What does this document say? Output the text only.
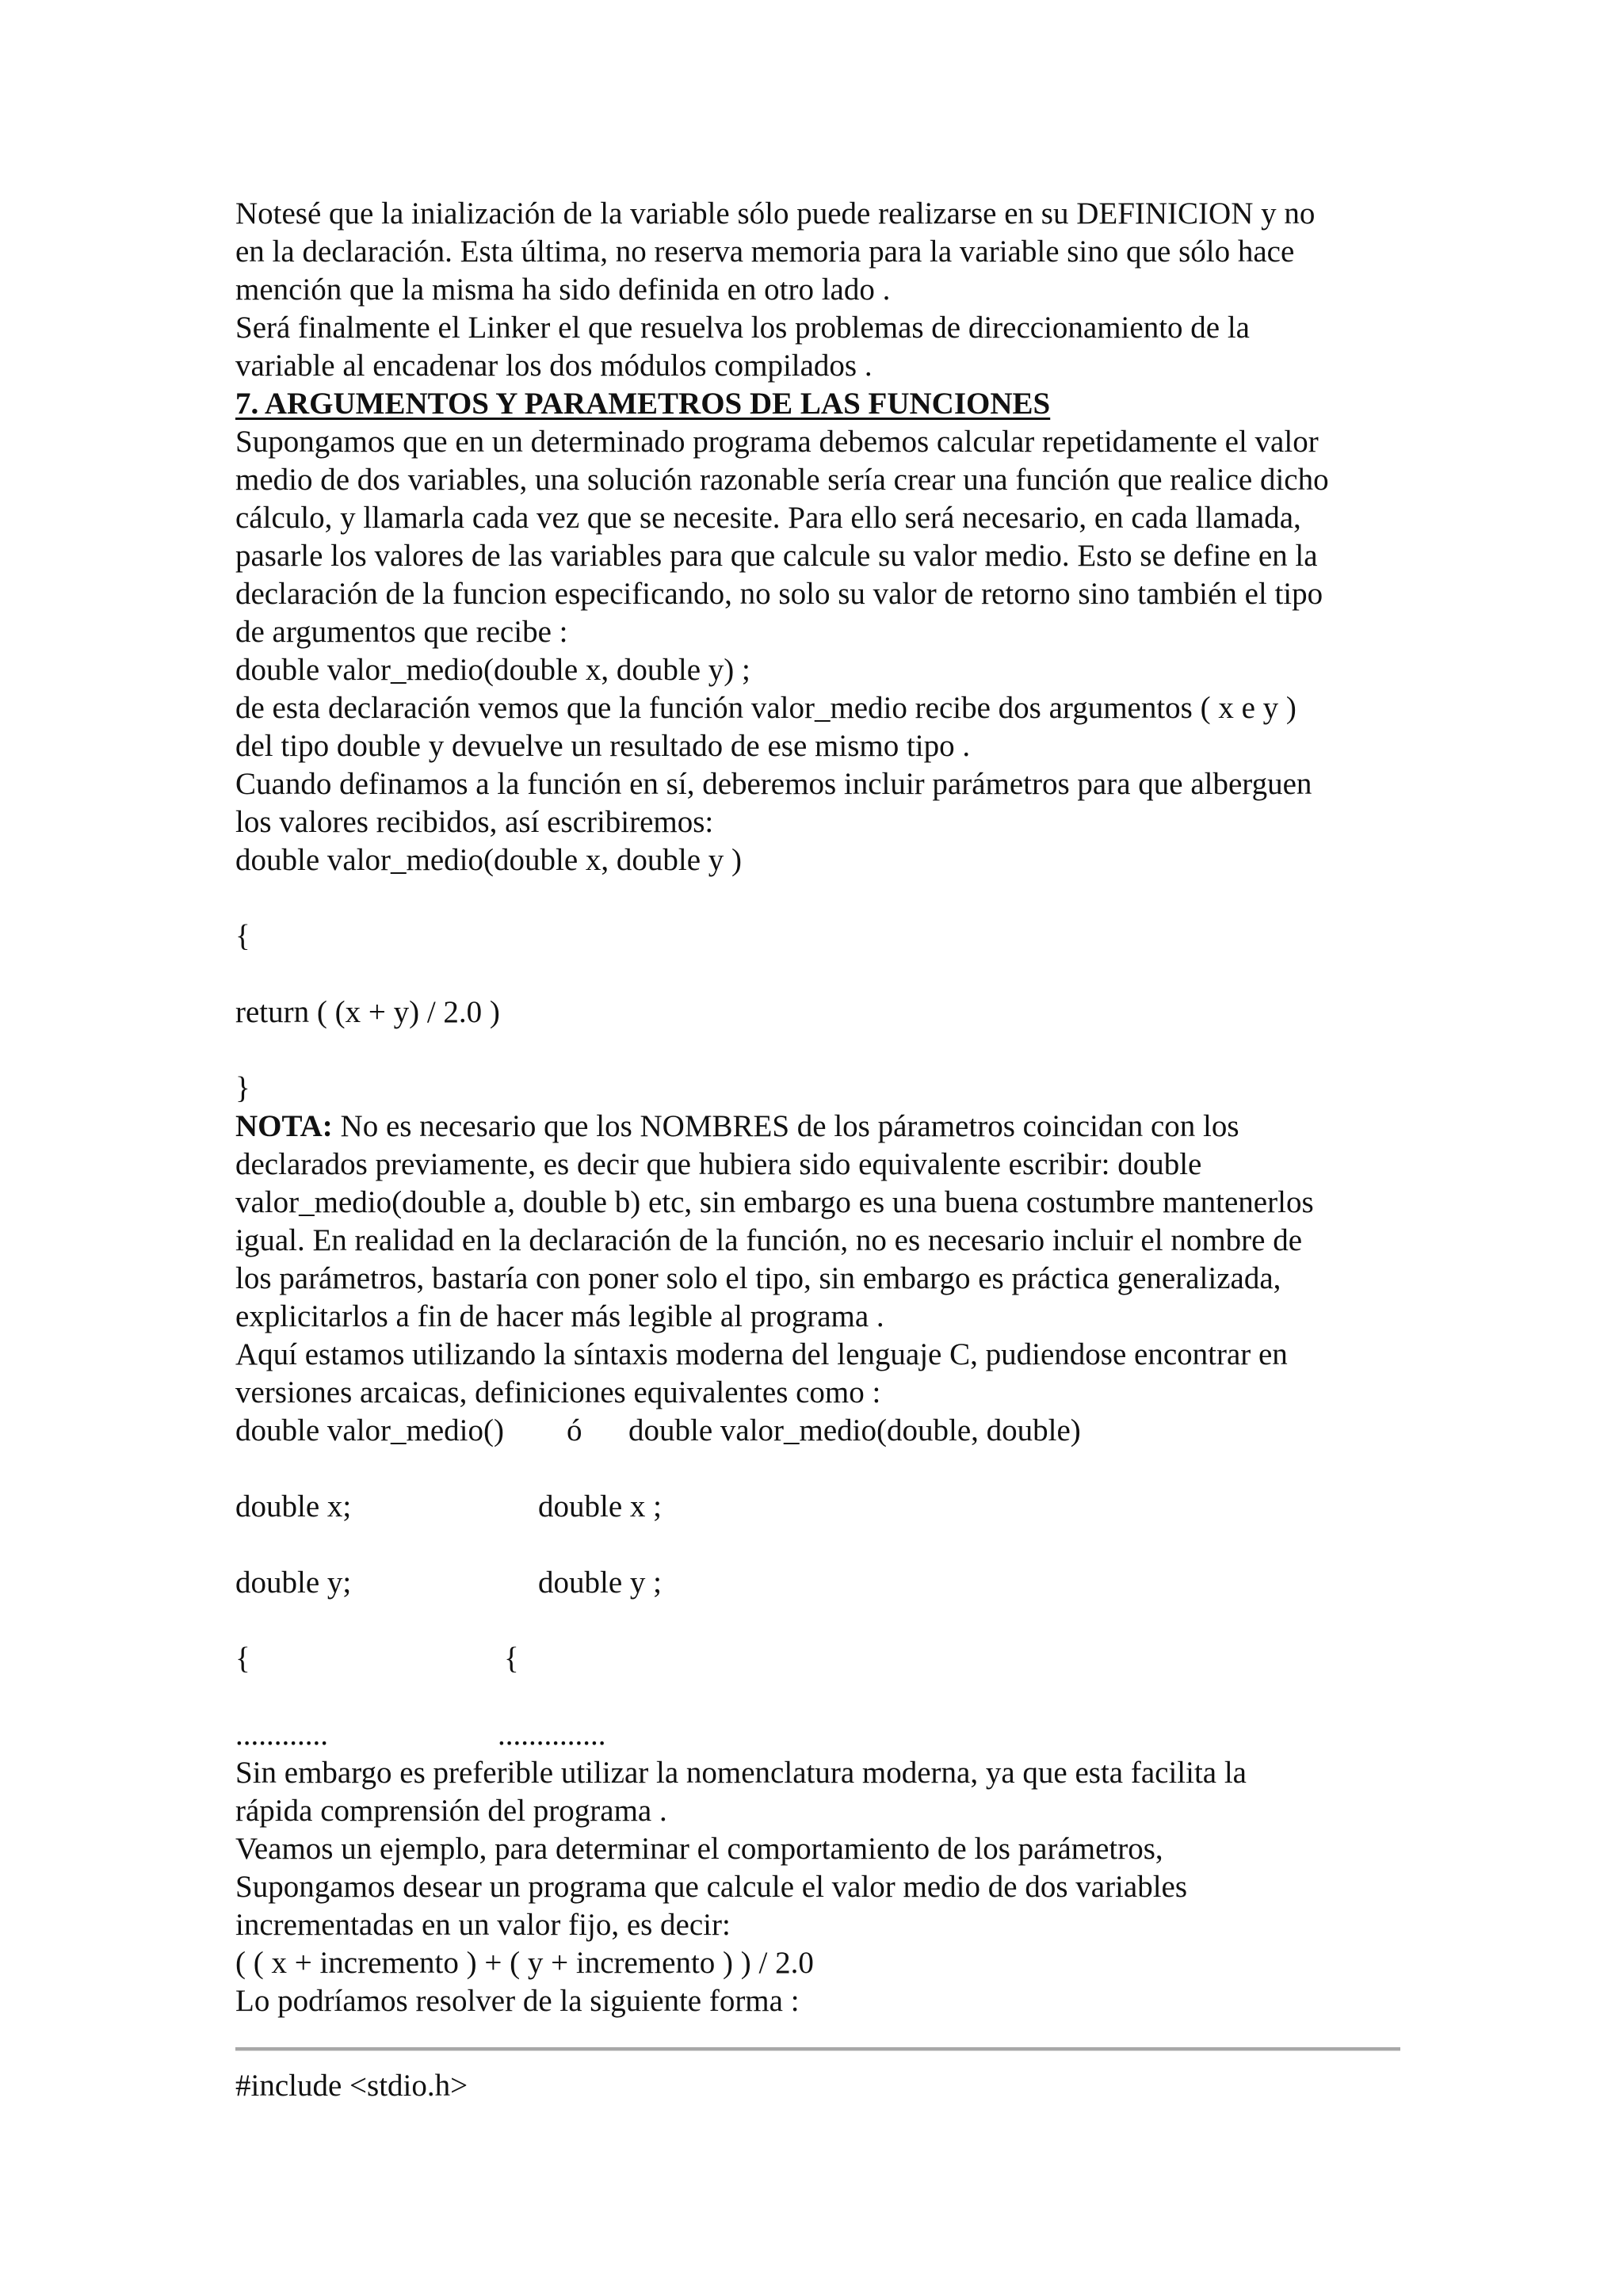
Notesé que la inialización de la variable sólo puede realizarse en su DEFINICION y no

en la declaración. Esta última, no reserva memoria para la variable sino que sólo hace

mención que la misma ha sido definida en otro lado .

Será finalmente el Linker el que resuelva los problemas de direccionamiento de la

variable al encadenar los dos módulos compilados .

7. ARGUMENTOS Y PARAMETROS DE LAS FUNCIONES

Supongamos que en un determinado programa debemos calcular repetidamente el valor

medio de dos variables, una solución razonable sería crear una función que realice dicho

cálculo, y llamarla cada vez que se necesite. Para ello será necesario, en cada llamada,

pasarle los valores de las variables para que calcule su valor medio. Esto se define en la

declaración de la funcion especificando, no solo su valor de retorno sino también el tipo

de argumentos que recibe :

double valor_medio(double x, double y) ;

de esta declaración vemos que la función valor_medio recibe dos argumentos ( x e y )

del tipo double y devuelve un resultado de ese mismo tipo .

Cuando definamos a la función en sí, deberemos incluir parámetros para que alberguen

los valores recibidos, así escribiremos:

double valor_medio(double x, double y )

{

return ( (x + y) / 2.0 )

}

NOTA: No es necesario que los NOMBRES de los párametros coincidan con los

declarados previamente, es decir que hubiera sido equivalente escribir: double

valor_medio(double a, double b) etc, sin embargo es una buena costumbre mantenerlos

igual. En realidad en la declaración de la función, no es necesario incluir el nombre de

los parámetros, bastaría con poner solo el tipo, sin embargo es práctica generalizada,

explicitarlos a fin de hacer más legible al programa .

Aquí estamos utilizando la síntaxis moderna del lenguaje C, pudiendose encontrar en

versiones arcaicas, definiciones equivalentes como :

double valor_medio() ó double valor_medio(double, double)
double x;	double x ;
double y;	double y ;
{	{
............	..............

Sin embargo es preferible utilizar la nomenclatura moderna, ya que esta facilita la

rápida comprensión del programa .

Veamos un ejemplo, para determinar el comportamiento de los parámetros,

Supongamos desear un programa que calcule el valor medio de dos variables

incrementadas en un valor fijo, es decir:

( ( x + incremento ) + ( y + incremento ) ) / 2.0

Lo podríamos resolver de la siguiente forma :

#include <stdio.h>
